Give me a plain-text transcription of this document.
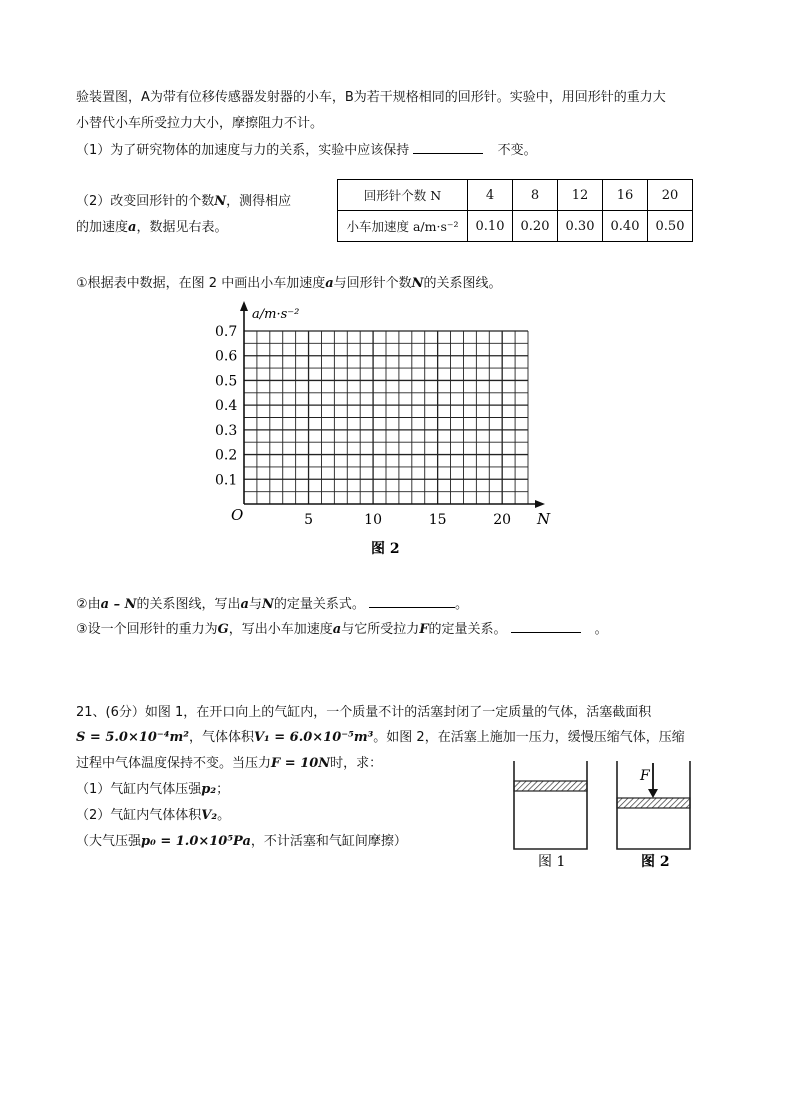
验装置图，A为带有位移传感器发射器的小车，B为若干规格相同的回形针。实验中，用回形针的重力大
小替代小车所受拉力大小，摩擦阻力不计。
（1）为了研究物体的加速度与力的关系，实验中应该保持	不变。
（2）改变回形针的个数N，测得相应
的加速度a，数据见右表。
回形针个数 N	4	8	12	16	20
小车加速度 a/m·s⁻²	0.10	0.20	0.30	0.40	0.50
①根据表中数据，在图 2 中画出小车加速度a与回形针个数N的关系图线。
0.1
0.2
0.3
0.4
0.5
0.6
0.7
5	10	15	20
a/m·s⁻²
N
O
图 2
②由a – N的关系图线，写出a与N的定量关系式。	。
③设一个回形针的重力为G，写出小车加速度a与它所受拉力F的定量关系。	。
21、(6分）如图 1，在开口向上的气缸内，一个质量不计的活塞封闭了一定质量的气体，活塞截面积
S = 5.0×10⁻⁴m²，气体体积V₁ = 6.0×10⁻⁵m³。如图 2，在活塞上施加一压力，缓慢压缩气体，压缩
过程中气体温度保持不变。当压力F = 10N时，求：
（1）气缸内气体压强p₂；
（2）气缸内气体体积V₂。
（大气压强p₀ = 1.0×10⁵Pa，不计活塞和气缸间摩擦）
图 1
F
图 2
